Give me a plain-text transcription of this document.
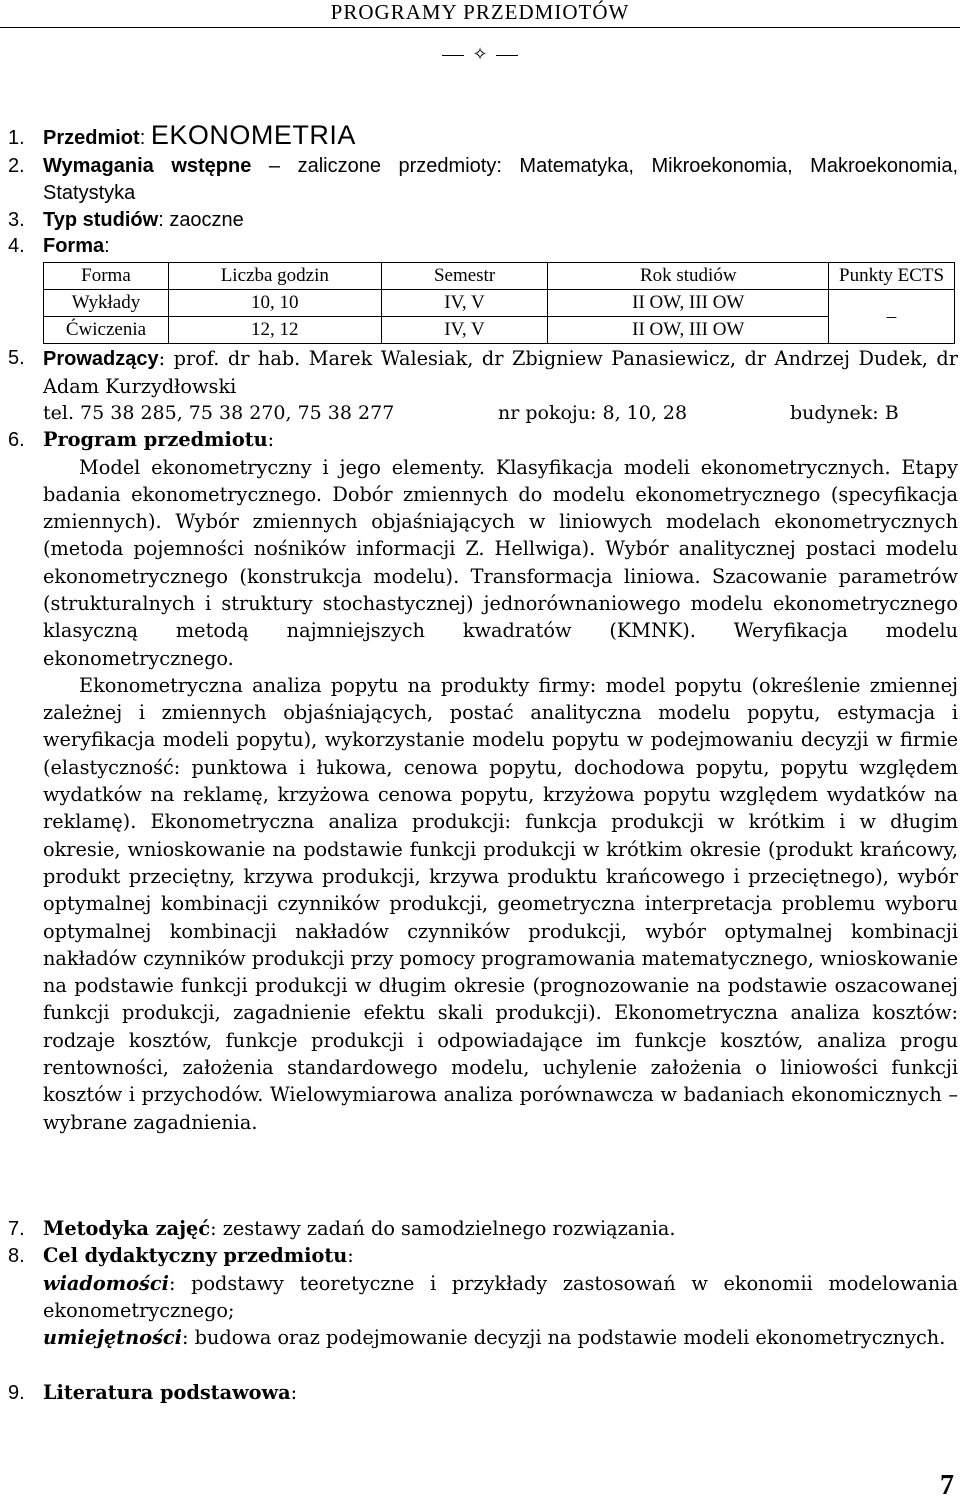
PROGRAMY PRZEDMIOTÓW
✧
1. Przedmiot: EKONOMETRIA
2. Wymagania wstępne – zaliczone przedmioty: Matematyka, Mikroekonomia, Makroekonomia, Statystyka
3. Typ studiów: zaoczne
4. Forma:
Forma	Liczba godzin	Semestr	Rok studiów	Punkty ECTS
Wykłady	10, 10	IV, V	II OW, III OW	–
Ćwiczenia	12, 12	IV, V	II OW, III OW	
5. Prowadzący: prof. dr hab. Marek Walesiak, dr Zbigniew Panasiewicz, dr Andrzej Dudek, dr Adam Kurzydłowski
tel. 75 38 285, 75 38 270, 75 38 277	nr pokoju: 8, 10, 28	budynek: B
6. Program przedmiotu:
Model ekonometryczny i jego elementy. Klasyfikacja modeli ekonometrycznych. Etapy badania ekonometrycznego. Dobór zmiennych do modelu ekonometrycznego (specyfikacja zmiennych). Wybór zmiennych objaśniających w liniowych modelach ekonometrycznych (metoda pojemności nośników informacji Z. Hellwiga). Wybór analitycznej postaci modelu ekonometrycznego (konstrukcja modelu). Transformacja liniowa. Szacowanie parametrów (strukturalnych i struktury stochastycznej) jednorównaniowego modelu ekonometrycznego klasyczną metodą najmniejszych kwadratów (KMNK). Weryfikacja modelu ekonometrycznego.
Ekonometryczna analiza popytu na produkty firmy: model popytu (określenie zmiennej zależnej i zmiennych objaśniających, postać analityczna modelu popytu, estymacja i weryfikacja modeli popytu), wykorzystanie modelu popytu w podejmowaniu decyzji w firmie (elastyczność: punktowa i łukowa, cenowa popytu, dochodowa popytu, popytu względem wydatków na reklamę, krzyżowa cenowa popytu, krzyżowa popytu względem wydatków na reklamę). Ekonometryczna analiza produkcji: funkcja produkcji w krótkim i w długim okresie, wnioskowanie na podstawie funkcji produkcji w krótkim okresie (produkt krańcowy, produkt przeciętny, krzywa produkcji, krzywa produktu krańcowego i przeciętnego), wybór optymalnej kombinacji czynników produkcji, geometryczna interpretacja problemu wyboru optymalnej kombinacji nakładów czynników produkcji, wybór optymalnej kombinacji nakładów czynników produkcji przy pomocy programowania matematycznego, wnioskowanie na podstawie funkcji produkcji w długim okresie (prognozowanie na podstawie oszacowanej funkcji produkcji, zagadnienie efektu skali produkcji). Ekonometryczna analiza kosztów: rodzaje kosztów, funkcje produkcji i odpowiadające im funkcje kosztów, analiza progu rentowności, założenia standardowego modelu, uchylenie założenia o liniowości funkcji kosztów i przychodów. Wielowymiarowa analiza porównawcza w badaniach ekonomicznych – wybrane zagadnienia.
7. Metodyka zajęć: zestawy zadań do samodzielnego rozwiązania.
8. Cel dydaktyczny przedmiotu:
wiadomości: podstawy teoretyczne i przykłady zastosowań w ekonomii modelowania ekonometrycznego;
umiejętności: budowa oraz podejmowanie decyzji na podstawie modeli ekonometrycznych.
9. Literatura podstawowa:
7
